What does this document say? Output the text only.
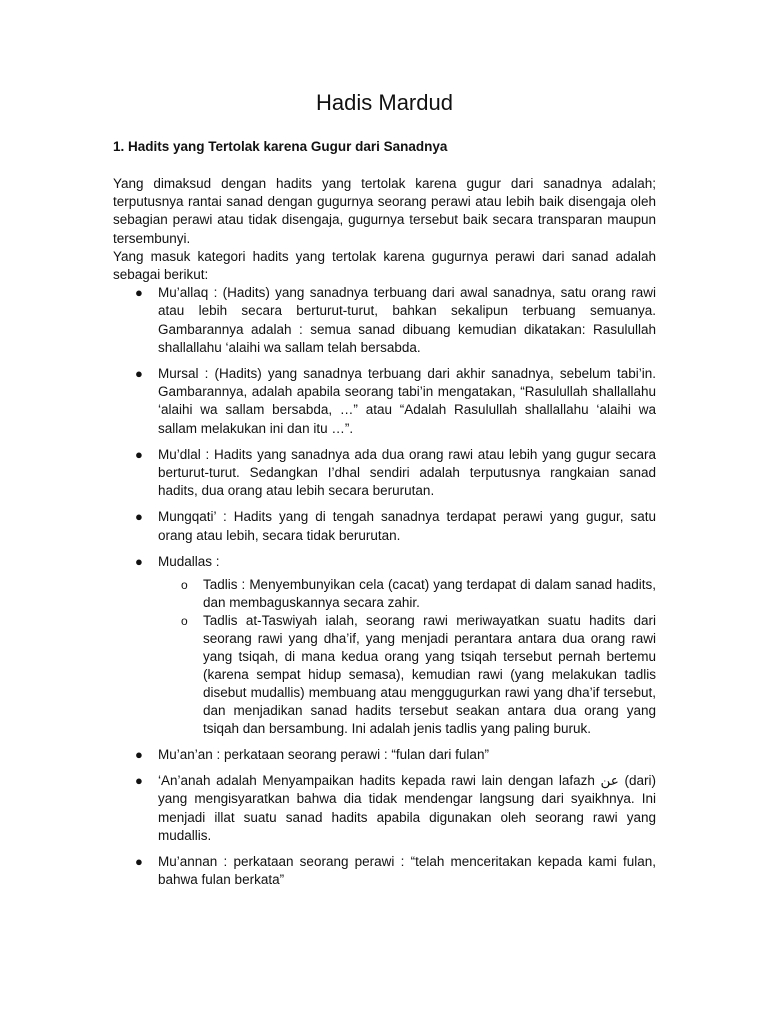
Hadis Mardud
1. Hadits yang Tertolak karena Gugur dari Sanadnya

Yang dimaksud dengan hadits yang tertolak karena gugur dari sanadnya adalah; terputusnya rantai sanad dengan gugurnya seorang perawi atau lebih baik disengaja oleh sebagian perawi atau tidak disengaja, gugurnya tersebut baik secara transparan maupun tersembunyi.

Yang masuk kategori hadits yang tertolak karena gugurnya perawi dari sanad adalah sebagai berikut:

● Mu’allaq : (Hadits) yang sanadnya terbuang dari awal sanadnya, satu orang rawi atau lebih secara berturut-turut, bahkan sekalipun terbuang semuanya. Gambarannya adalah : semua sanad dibuang kemudian dikatakan: Rasulullah shallallahu ‘alaihi wa sallam telah bersabda.
● Mursal : (Hadits) yang sanadnya terbuang dari akhir sanadnya, sebelum tabi’in. Gambarannya, adalah apabila seorang tabi’in mengatakan, “Rasulullah shallallahu ‘alaihi wa sallam bersabda, …” atau “Adalah Rasulullah shallallahu ‘alaihi wa sallam melakukan ini dan itu …”.
● Mu’dlal : Hadits yang sanadnya ada dua orang rawi atau lebih yang gugur secara berturut-turut. Sedangkan I’dhal sendiri adalah terputusnya rangkaian sanad hadits, dua orang atau lebih secara berurutan.
● Mungqati’ : Hadits yang di tengah sanadnya terdapat perawi yang gugur, satu orang atau lebih, secara tidak berurutan.
● Mudallas :
o Tadlis : Menyembunyikan cela (cacat) yang terdapat di dalam sanad hadits, dan membaguskannya secara zahir.
o Tadlis at-Taswiyah ialah, seorang rawi meriwayatkan suatu hadits dari seorang rawi yang dha’if, yang menjadi perantara antara dua orang rawi yang tsiqah, di mana kedua orang yang tsiqah tersebut pernah bertemu (karena sempat hidup semasa), kemudian rawi (yang melakukan tadlis disebut mudallis) membuang atau menggugurkan rawi yang dha’if tersebut, dan menjadikan sanad hadits tersebut seakan antara dua orang yang tsiqah dan bersambung. Ini adalah jenis tadlis yang paling buruk.
● Mu’an’an : perkataan seorang perawi : “fulan dari fulan”
● ‘An’anah adalah Menyampaikan hadits kepada rawi lain dengan lafazh عن (dari) yang mengisyaratkan bahwa dia tidak mendengar langsung dari syaikhnya. Ini menjadi illat suatu sanad hadits apabila digunakan oleh seorang rawi yang mudallis.
● Mu’annan : perkataan seorang perawi : “telah menceritakan kepada kami fulan, bahwa fulan berkata”
